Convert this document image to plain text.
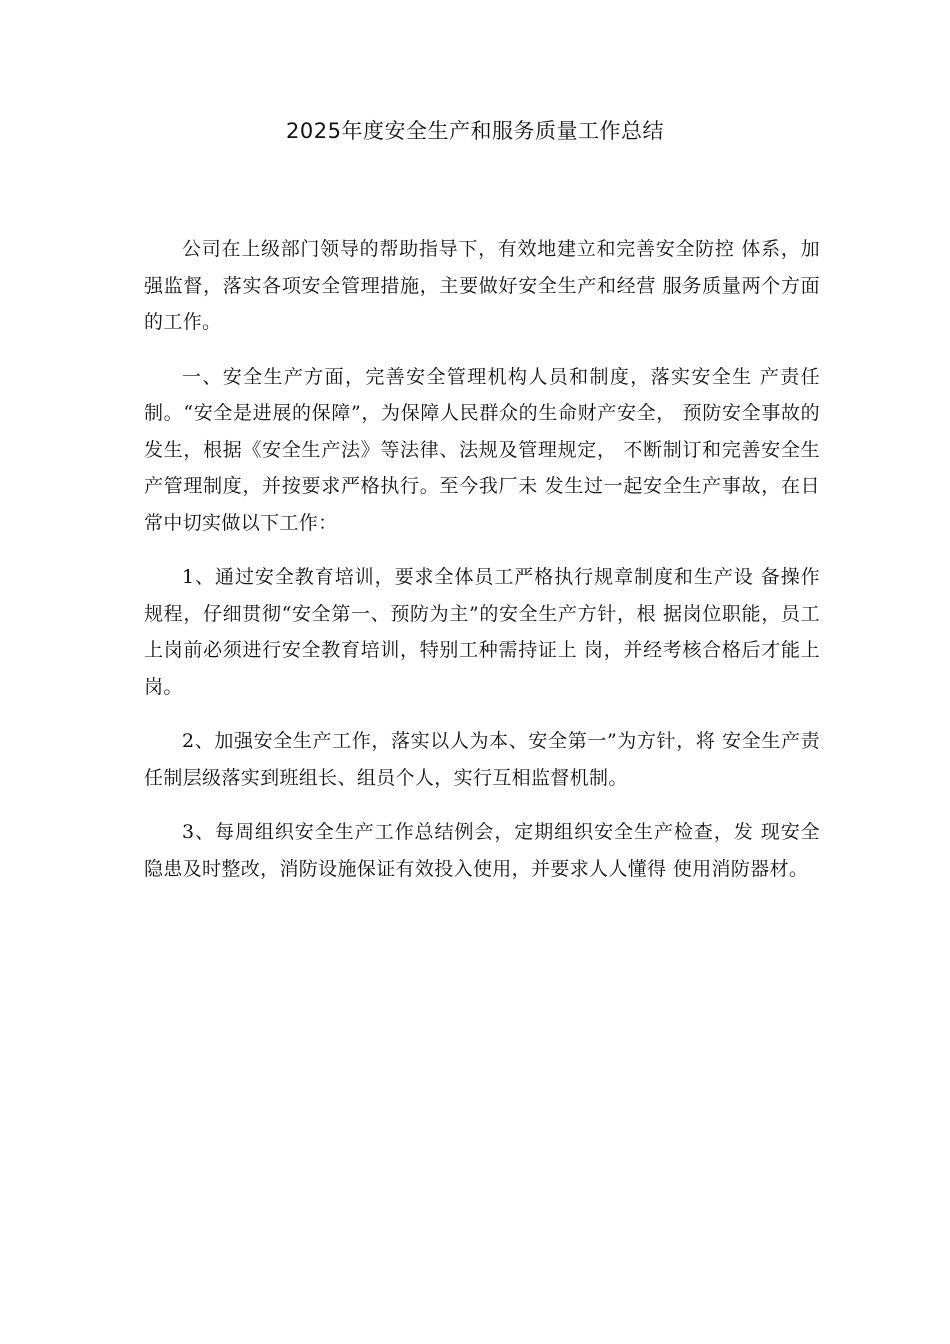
2025年度安全生产和服务质量工作总结

公司在上级部门领导的帮助指导下，有效地建立和完善安全防控 体系，加强监督，落实各项安全管理措施，主要做好安全生产和经营 服务质量两个方面的工作。

一、安全生产方面，完善安全管理机构人员和制度，落实安全生 产责任制。“安全是进展的保障”，为保障人民群众的生命财产安全， 预防安全事故的发生，根据《安全生产法》等法律、法规及管理规定， 不断制订和完善安全生产管理制度，并按要求严格执行。至今我厂未 发生过一起安全生产事故，在日常中切实做以下工作：

1、通过安全教育培训，要求全体员工严格执行规章制度和生产设 备操作规程，仔细贯彻“安全第一、预防为主”的安全生产方针，根 据岗位职能，员工上岗前必须进行安全教育培训，特别工种需持证上 岗，并经考核合格后才能上岗。

2、加强安全生产工作，落实以人为本、安全第一”为方针，将 安全生产责任制层级落实到班组长、组员个人，实行互相监督机制。

3、每周组织安全生产工作总结例会，定期组织安全生产检查，发 现安全隐患及时整改，消防设施保证有效投入使用，并要求人人懂得 使用消防器材。
